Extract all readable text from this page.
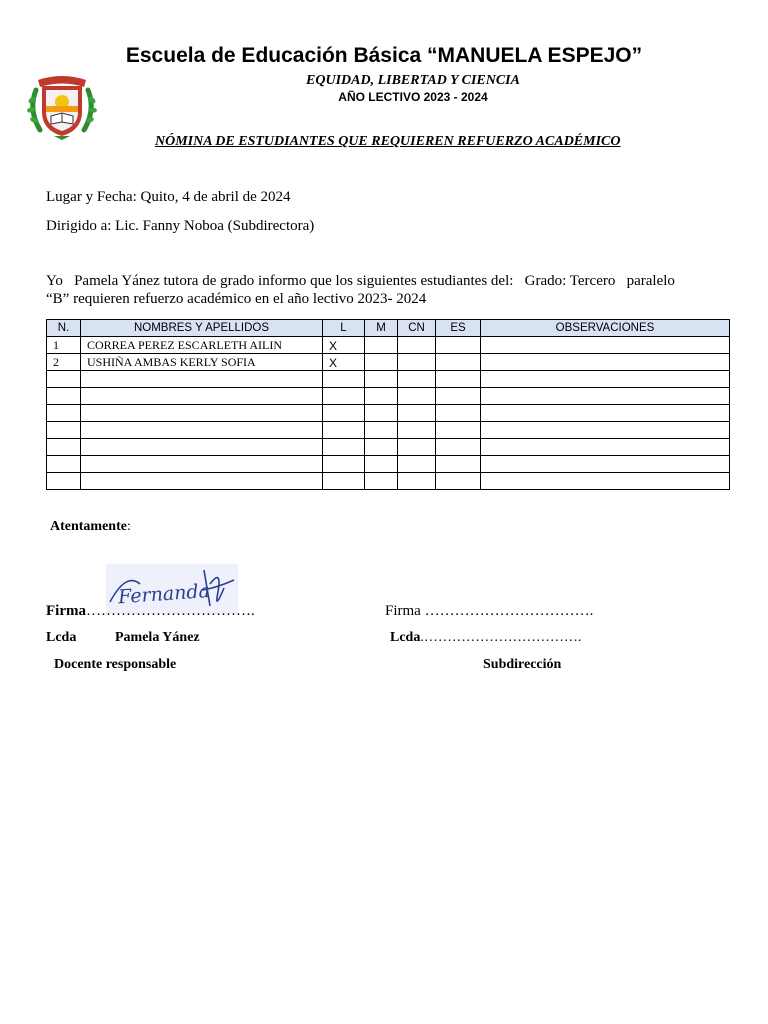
Escuela de Educación Básica “MANUELA ESPEJO”
EQUIDAD, LIBERTAD Y CIENCIA
AÑO LECTIVO 2023 - 2024
NÓMINA DE ESTUDIANTES QUE REQUIEREN REFUERZO ACADÉMICO
Lugar y Fecha: Quito, 4 de abril de 2024
Dirigido a: Lic. Fanny Noboa (Subdirectora)
Yo   Pamela Yánez tutora de grado informo que los siguientes estudiantes del:   Grado: Tercero   paralelo
“B” requieren refuerzo académico en el año lectivo 2023- 2024
N.	NOMBRES Y APELLIDOS	L	M	CN	ES	OBSERVACIONES
1	CORREA PEREZ ESCARLETH AILIN	X				
2	USHIÑA AMBAS KERLY SOFIA	X				

Atentamente:
Fernanda
Firma…………………………….	Firma …………………………….
Lcda	Pamela Yánez	Lcda.…………………………….
Docente responsable	Subdirección
